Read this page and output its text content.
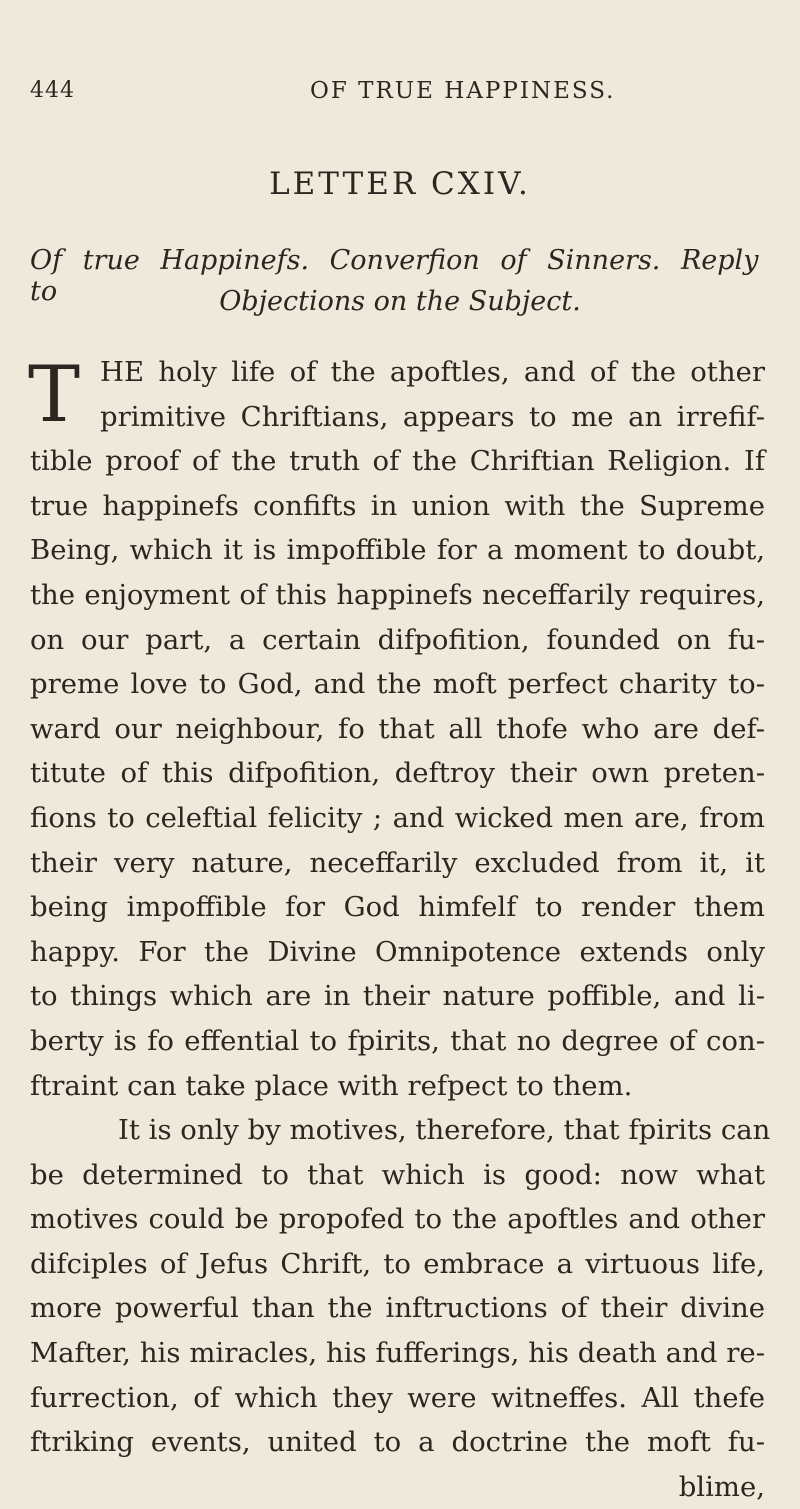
444	OF TRUE HAPPINESS.
LETTER CXIV.
Of true Happinefs. Converfion of Sinners. Reply to	Objections on the Subject.
T HE holy life of the apoftles, and of the other
primitive Chriftians, appears to me an irrefif-
tible proof of the truth of the Chriftian Religion. If
true happinefs confifts in union with the Supreme
Being, which it is impoffible for a moment to doubt,
the enjoyment of this happinefs neceffarily requires,
on our part, a certain difpofition, founded on fu-
preme love to God, and the moft perfect charity to-
ward our neighbour, fo that all thofe who are def-
titute of this difpofition, deftroy their own preten-
fions to celeftial felicity ; and wicked men are, from
their very nature, neceffarily excluded from it, it
being impoffible for God himfelf to render them
happy. For the Divine Omnipotence extends only
to things which are in their nature poffible, and li-
berty is fo effential to fpirits, that no degree of con-
ftraint can take place with refpect to them.
It is only by motives, therefore, that fpirits can
be determined to that which is good: now what
motives could be propofed to the apoftles and other
difciples of Jefus Chrift, to embrace a virtuous life,
more powerful than the inftructions of their divine
Mafter, his miracles, his fufferings, his death and re-
furrection, of which they were witneffes. All thefe
ftriking events, united to a doctrine the moft fu-
blime,
